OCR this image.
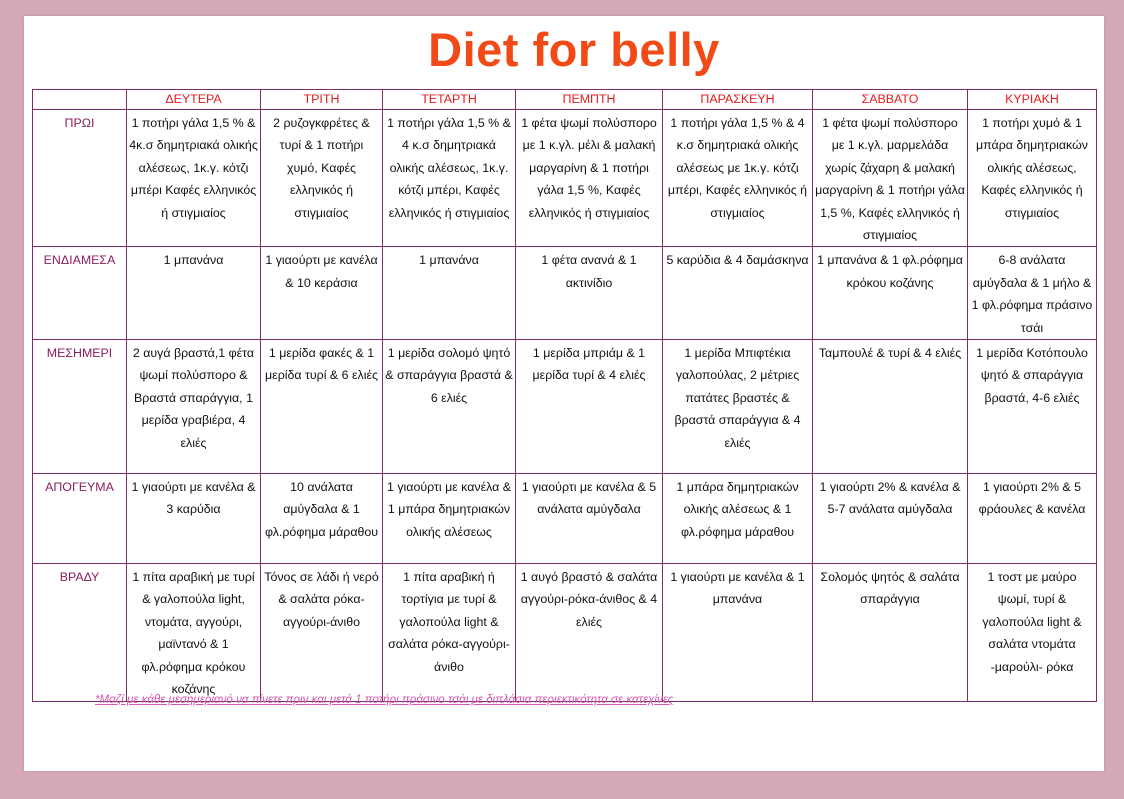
Diet for belly
	ΔΕΥΤΕΡΑ	ΤΡΙΤΗ	ΤΕΤΑΡΤΗ	ΠΕΜΠΤΗ	ΠΑΡΑΣΚΕΥΗ	ΣΑΒΒΑΤΟ	ΚΥΡΙΑΚΗ
ΠΡΩΙ	1 ποτήρι γάλα 1,5 % & 4κ.σ δημητριακά ολικής αλέσεως, 1κ.γ. κότζι μπέρι Καφές ελληνικός ή στιγμιαίος	2 ρυζογκφρέτες & τυρί & 1 ποτήρι χυμό, Καφές ελληνικός ή στιγμιαίος	1 ποτήρι γάλα 1,5 % & 4 κ.σ δημητριακά ολικής αλέσεως, 1κ.γ. κότζι μπέρι, Καφές ελληνικός ή στιγμιαίος	1 φέτα ψωμί πολύσπορο με 1 κ.γλ. μέλι & μαλακή μαργαρίνη & 1 ποτήρι γάλα 1,5 %, Καφές ελληνικός ή στιγμιαίος	1 ποτήρι γάλα 1,5 % & 4 κ.σ δημητριακά ολικής αλέσεως με 1κ.γ. κότζι μπέρι, Καφές ελληνικός ή στιγμιαίος	1 φέτα ψωμί πολύσπορο με 1 κ.γλ. μαρμελάδα χωρίς ζάχαρη & μαλακή μαργαρίνη & 1 ποτήρι γάλα 1,5 %, Καφές ελληνικός ή στιγμιαίος	1 ποτήρι χυμό & 1 μπάρα δημητριακών ολικής αλέσεως, Καφές ελληνικός ή στιγμιαίος
ΕΝΔΙΑΜΕΣΑ	1 μπανάνα	1 γιαούρτι με κανέλα & 10 κεράσια	1 μπανάνα	1 φέτα ανανά & 1 ακτινίδιο	5 καρύδια & 4 δαμάσκηνα	1 μπανάνα & 1 φλ.ρόφημα κρόκου κοζάνης	6-8 ανάλατα αμύγδαλα & 1 μήλο & 1 φλ.ρόφημα πράσινο τσάι
ΜΕΣΗΜΕΡΙ	2 αυγά βραστά,1 φέτα ψωμί πολύσπορο & Βραστά σπαράγγια, 1 μερίδα γραβιέρα, 4 ελιές	1 μερίδα φακές & 1 μερίδα τυρί & 6 ελιές	1 μερίδα σολομό ψητό & σπαράγγια βραστά & 6 ελιές	1 μερίδα μπριάμ & 1 μερίδα τυρί & 4 ελιές	1 μερίδα Μπιφτέκια γαλοπούλας, 2 μέτριες πατάτες βραστές & βραστά σπαράγγια & 4 ελιές	Ταμπουλέ & τυρί & 4 ελιές	1 μερίδα Κοτόπουλο ψητό & σπαράγγια βραστά, 4-6 ελιές
ΑΠΟΓΕΥΜΑ	1 γιαούρτι με κανέλα & 3 καρύδια	10 ανάλατα αμύγδαλα & 1 φλ.ρόφημα μάραθου	1 γιαούρτι με κανέλα & 1 μπάρα δημητριακών ολικής αλέσεως	1 γιαούρτι με κανέλα & 5 ανάλατα αμύγδαλα	1 μπάρα δημητριακών ολικής αλέσεως & 1 φλ.ρόφημα μάραθου	1 γιαούρτι 2% & κανέλα & 5-7 ανάλατα αμύγδαλα	1 γιαούρτι 2% & 5 φράουλες & κανέλα
ΒΡΑΔΥ	1 πίτα αραβική με τυρί & γαλοπούλα light, ντομάτα, αγγούρι, μαϊντανό & 1 φλ.ρόφημα κρόκου κοζάνης	Τόνος σε λάδι ή νερό & σαλάτα ρόκα-αγγούρι-άνιθο	1 πίτα αραβική ή τορτίγια με τυρί & γαλοπούλα light & σαλάτα ρόκα-αγγούρι-άνιθο	1 αυγό βραστό & σαλάτα αγγούρι-ρόκα-άνιθος & 4 ελιές	1 γιαούρτι με κανέλα & 1 μπανάνα	Σολομός ψητός & σαλάτα σπαράγγια	1 τοστ με μαύρο ψωμί, τυρί & γαλοπούλα light & σαλάτα ντομάτα -μαρούλι- ρόκα
*Μαζί με κάθε μεσημεριανό να πίνετε πριν και μετά 1 ποτήρι πράσινο τσάι με διπλάσια περιεκτικότητα σε κατεχίνες
